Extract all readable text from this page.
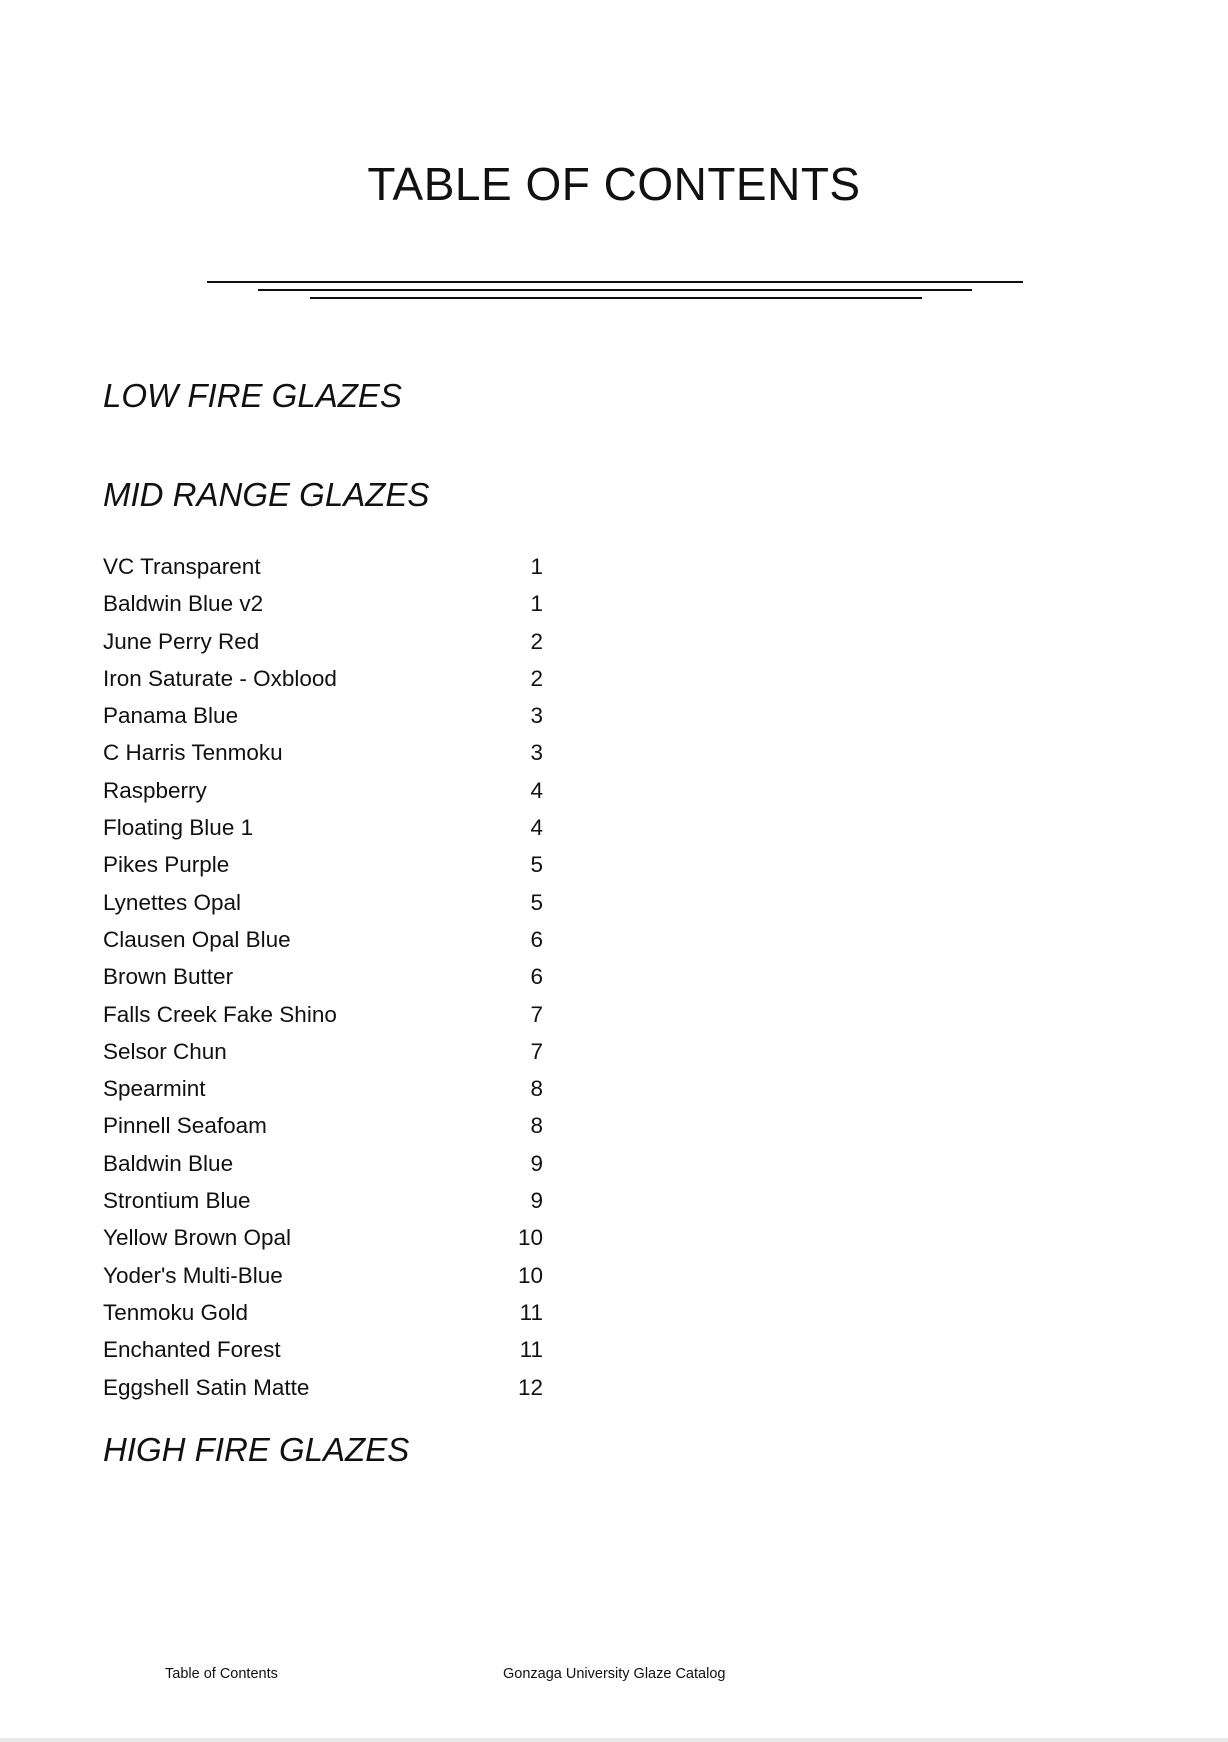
TABLE OF CONTENTS
LOW FIRE GLAZES
MID RANGE GLAZES
VC Transparent	1
Baldwin Blue v2	1
June Perry Red	2
Iron Saturate - Oxblood	2
Panama Blue	3
C Harris Tenmoku	3
Raspberry	4
Floating Blue 1	4
Pikes Purple	5
Lynettes Opal	5
Clausen Opal Blue	6
Brown Butter	6
Falls Creek Fake Shino	7
Selsor Chun	7
Spearmint	8
Pinnell Seafoam	8
Baldwin Blue	9
Strontium Blue	9
Yellow Brown Opal	10
Yoder's Multi-Blue	10
Tenmoku Gold	11
Enchanted Forest	11
Eggshell Satin Matte	12
HIGH FIRE GLAZES
Table of Contents	Gonzaga University Glaze Catalog
